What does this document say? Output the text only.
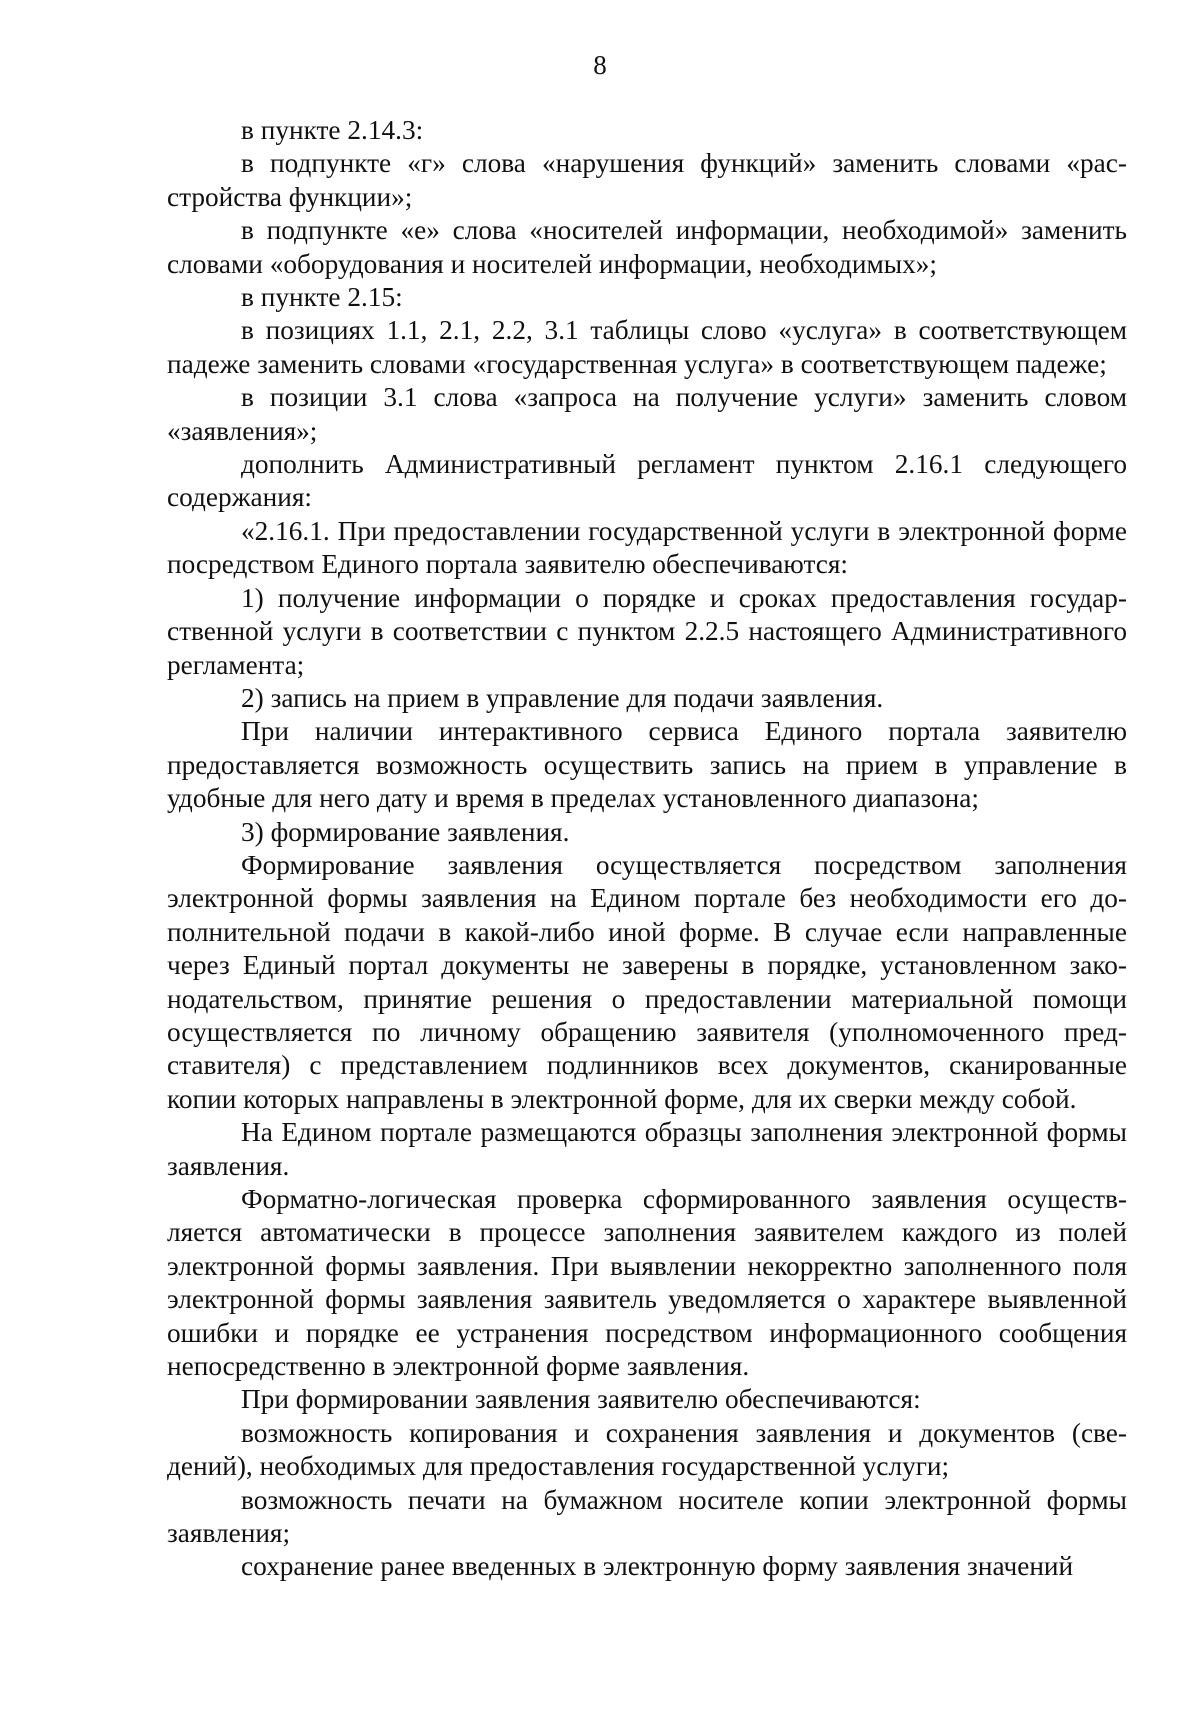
8

в пункте 2.14.3:

в подпункте «г» слова «нарушения функций» заменить словами «расстройства функции»;

в подпункте «е» слова «носителей информации, необходимой» заменить словами «оборудования и носителей информации, необходимых»;

в пункте 2.15:

в позициях 1.1, 2.1, 2.2, 3.1 таблицы слово «услуга» в соответствующем падеже заменить словами «государственная услуга» в соответствующем падеже;

в позиции 3.1 слова «запроса на получение услуги» заменить словом «заявления»;

дополнить Административный регламент пунктом 2.16.1 следующего содержания:

«2.16.1. При предоставлении государственной услуги в электронной форме посредством Единого портала заявителю обеспечиваются:

1) получение информации о порядке и сроках предоставления государственной услуги в соответствии с пунктом 2.2.5 настоящего Административного регламента;

2) запись на прием в управление для подачи заявления.

При наличии интерактивного сервиса Единого портала заявителю предоставляется возможность осуществить запись на прием в управление в удобные для него дату и время в пределах установленного диапазона;

3) формирование заявления.

Формирование заявления осуществляется посредством заполнения электронной формы заявления на Едином портале без необходимости его дополнительной подачи в какой-либо иной форме. В случае если направленные через Единый портал документы не заверены в порядке, установленном законодательством, принятие решения о предоставлении материальной помощи осуществляется по личному обращению заявителя (уполномоченного представителя) с представлением подлинников всех документов, сканированные копии которых направлены в электронной форме, для их сверки между собой.

На Едином портале размещаются образцы заполнения электронной формы заявления.

Форматно-логическая проверка сформированного заявления осуществляется автоматически в процессе заполнения заявителем каждого из полей электронной формы заявления. При выявлении некорректно заполненного поля электронной формы заявления заявитель уведомляется о характере выявленной ошибки и порядке ее устранения посредством информационного сообщения непосредственно в электронной форме заявления.

При формировании заявления заявителю обеспечиваются:

возможность копирования и сохранения заявления и документов (сведений), необходимых для предоставления государственной услуги;

возможность печати на бумажном носителе копии электронной формы заявления;

сохранение ранее введенных в электронную форму заявления значений
